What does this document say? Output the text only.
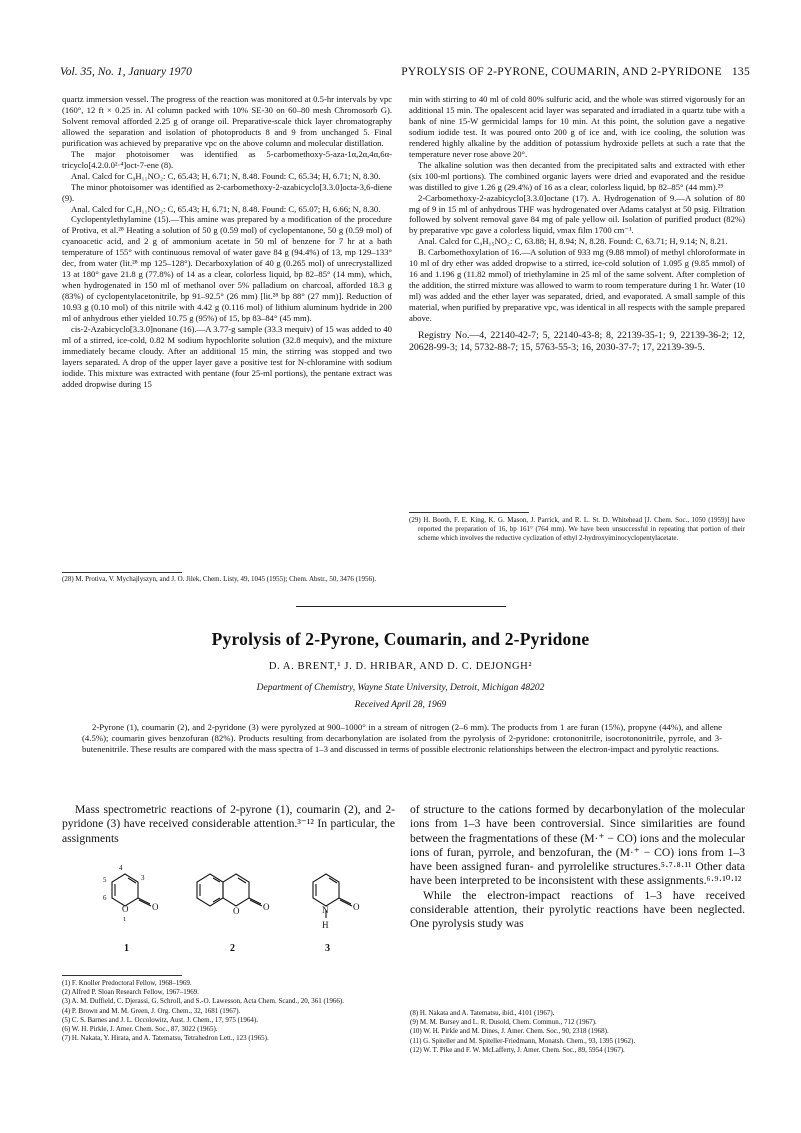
Vol. 35, No. 1, January 1970	PYROLYSIS OF 2-PYRONE, COUMARIN, AND 2-PYRIDONE 135

quartz immersion vessel. The progress of the reaction was monitored at 0.5-hr intervals by vpc (160°, 12 ft × 0.25 in. Al column packed with 10% SE-30 on 60–80 mesh Chromosorb G). Solvent removal afforded 2.25 g of orange oil. Preparative-scale thick layer chromatography allowed the separation and isolation of photoproducts 8 and 9 from unchanged 5. Final purification was achieved by preparative vpc on the above column and molecular distillation.

The major photoisomer was identified as 5-carbomethoxy-5-aza-1α,2α,4α,6α-tricyclo[4.2.0.0²·⁴]oct-7-ene (8).

Anal. Calcd for C₉H₁₁NO₂: C, 65.43; H, 6.71; N, 8.48. Found: C, 65.34; H, 6.71; N, 8.30.

The minor photoisomer was identified as 2-carbomethoxy-2-azabicyclo[3.3.0]octa-3,6-diene (9).

Anal. Calcd for C₉H₁₁NO₂: C, 65.43; H, 6.71; N, 8.48. Found: C, 65.07; H, 6.66; N, 8.30.

Cyclopentylethylamine (15).—This amine was prepared by a modification of the procedure of Protiva, et al.²⁸ Heating a solution of 50 g (0.59 mol) of cyclopentanone, 50 g (0.59 mol) of cyanoacetic acid, and 2 g of ammonium acetate in 50 ml of benzene for 7 hr at a bath temperature of 155° with continuous removal of water gave 84 g (94.4%) of 13, mp 129–133° dec, from water (lit.²⁸ mp 125–128°). Decarboxylation of 40 g (0.265 mol) of unrecrystallized 13 at 180° gave 21.8 g (77.8%) of 14 as a clear, colorless liquid, bp 82–85° (14 mm), which, when hydrogenated in 150 ml of methanol over 5% palladium on charcoal, afforded 18.3 g (83%) of cyclopentylacetonitrile, bp 91–92.5° (26 mm) [lit.²⁸ bp 88° (27 mm)]. Reduction of 10.93 g (0.10 mol) of this nitrile with 4.42 g (0.116 mol) of lithium aluminum hydride in 200 ml of anhydrous ether yielded 10.75 g (95%) of 15, bp 83–84° (45 mm).

cis-2-Azabicyclo[3.3.0]nonane (16).—A 3.77-g sample (33.3 mequiv) of 15 was added to 40 ml of a stirred, ice-cold, 0.82 M sodium hypochlorite solution (32.8 mequiv), and the mixture immediately became cloudy. After an additional 15 min, the stirring was stopped and two layers separated. A drop of the upper layer gave a positive test for N-chloramine with sodium iodide. This mixture was extracted with pentane (four 25-ml portions), the pentane extract was added dropwise during 15

(28) M. Protiva, V. Mychajlyszyn, and J. O. Jilek, Chem. Listy, 49, 1045 (1955); Chem. Abstr., 50, 3476 (1956).

min with stirring to 40 ml of cold 80% sulfuric acid, and the whole was stirred vigorously for an additional 15 min. The opalescent acid layer was separated and irradiated in a quartz tube with a bank of nine 15-W germicidal lamps for 10 min. At this point, the solution gave a negative sodium iodide test. It was poured onto 200 g of ice and, with ice cooling, the solution was rendered highly alkaline by the addition of potassium hydroxide pellets at such a rate that the temperature never rose above 20°.

The alkaline solution was then decanted from the precipitated salts and extracted with ether (six 100-ml portions). The combined organic layers were dried and evaporated and the residue was distilled to give 1.26 g (29.4%) of 16 as a clear, colorless liquid, bp 82–85° (44 mm).²⁹

2-Carbomethoxy-2-azabicyclo[3.3.0]octane (17). A. Hydrogenation of 9.—A solution of 80 mg of 9 in 15 ml of anhydrous THF was hydrogenated over Adams catalyst at 50 psig. Filtration followed by solvent removal gave 84 mg of pale yellow oil. Isolation of purified product (82%) by preparative vpc gave a colorless liquid, νmax film 1700 cm⁻¹.

Anal. Calcd for C₉H₁₅NO₂: C, 63.88; H, 8.94; N, 8.28. Found: C, 63.71; H, 9.14; N, 8.21.

B. Carbomethoxylation of 16.—A solution of 933 mg (9.88 mmol) of methyl chloroformate in 10 ml of dry ether was added dropwise to a stirred, ice-cold solution of 1.095 g (9.85 mmol) of 16 and 1.196 g (11.82 mmol) of triethylamine in 25 ml of the same solvent. After completion of the addition, the stirred mixture was allowed to warm to room temperature during 1 hr. Water (10 ml) was added and the ether layer was separated, dried, and evaporated. A small sample of this material, when purified by preparative vpc, was identical in all respects with the sample prepared above.

Registry No.—4, 22140-42-7; 5, 22140-43-8; 8, 22139-35-1; 9, 22139-36-2; 12, 20628-99-3; 14, 5732-88-7; 15, 5763-55-3; 16, 2030-37-7; 17, 22139-39-5.

(29) H. Booth, F. E. King, K. G. Mason, J. Parrick, and R. L. St. D. Whitehead [J. Chem. Soc., 1050 (1959)] have reported the preparation of 16, bp 161° (764 mm). We have been unsuccessful in repeating that portion of their scheme which involves the reductive cyclization of ethyl 2-hydroxyiminocyclopentylacetate.

Pyrolysis of 2-Pyrone, Coumarin, and 2-Pyridone
D. A. BRENT,¹ J. D. HRIBAR, AND D. C. DEJONGH²
Department of Chemistry, Wayne State University, Detroit, Michigan 48202
Received April 28, 1969

2-Pyrone (1), coumarin (2), and 2-pyridone (3) were pyrolyzed at 900–1000° in a stream of nitrogen (2–6 mm). The products from 1 are furan (15%), propyne (44%), and allene (4.5%); coumarin gives benzofuran (82%). Products resulting from decarbonylation are isolated from the pyrolysis of 2-pyridone: crotononitrile, isocrotononitrile, pyrrole, and 3-butenenitrile. These results are compared with the mass spectra of 1–3 and discussed in terms of possible electronic relationships between the electron-impact and pyrolytic reactions.

Mass spectrometric reactions of 2-pyrone (1), coumarin (2), and 2-pyridone (3) have received considerable attention.³⁻¹² In particular, the assignments

4
5
6
3
O
1
O	O	O	N
H
O
1	2	3

of structure to the cations formed by decarbonylation of the molecular ions from 1–3 have been controversial. Since similarities are found between the fragmentations of these (M·⁺ − CO) ions and the molecular ions of furan, pyrrole, and benzofuran, the (M·⁺ − CO) ions from 1–3 have been assigned furan- and pyrrolelike structures.⁵·⁷·⁸·¹¹ Other data have been interpreted to be inconsistent with these assignments.⁶·⁹·¹⁰·¹²

While the electron-impact reactions of 1–3 have received considerable attention, their pyrolytic reactions have been neglected. One pyrolysis study was

(1) F. Knoller Predoctoral Fellow, 1968–1969.

(2) Alfred P. Sloan Research Fellow, 1967–1969.

(3) A. M. Duffield, C. Djerassi, G. Schroll, and S.-O. Lawesson, Acta Chem. Scand., 20, 361 (1966).

(4) P. Brown and M. M. Green, J. Org. Chem., 32, 1681 (1967).

(5) C. S. Barnes and J. L. Occolowitz, Aust. J. Chem., 17, 975 (1964).

(6) W. H. Pirkle, J. Amer. Chem. Soc., 87, 3022 (1965).

(7) H. Nakata, Y. Hirata, and A. Tatematsu, Tetrahedron Lett., 123 (1965).

(8) H. Nakata and A. Tatematsu, ibid., 4101 (1967).

(9) M. M. Bursey and L. R. Dusold, Chem. Commun., 712 (1967).

(10) W. H. Pirkle and M. Dines, J. Amer. Chem. Soc., 90, 2318 (1968).

(11) G. Spiteller and M. Spiteller-Friedmann, Monatsh. Chem., 93, 1395 (1962).

(12) W. T. Pike and F. W. McLafferty, J. Amer. Chem. Soc., 89, 5954 (1967).
